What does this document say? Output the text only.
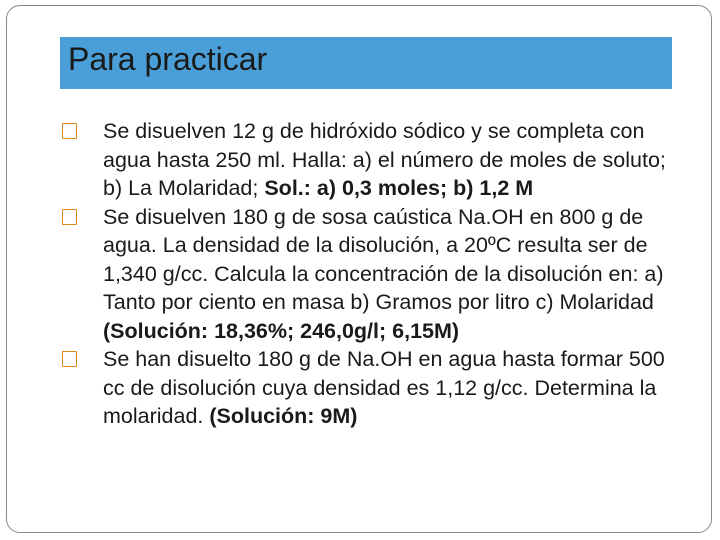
Para practicar
Se disuelven 12 g de hidróxido sódico y se completa con agua hasta 250 ml. Halla: a) el número de moles de soluto; b) La Molaridad; Sol.: a) 0,3 moles; b) 1,2 M
Se disuelven 180 g de sosa caústica Na.OH en 800 g de agua. La densidad de la disolución, a 20ºC resulta ser de 1,340 g/cc. Calcula la concentración de la disolución en: a) Tanto por ciento en masa b) Gramos por litro c) Molaridad (Solución: 18,36%; 246,0g/l; 6,15M)
Se han disuelto 180 g de Na.OH en agua hasta formar 500 cc de disolución cuya densidad es 1,12 g/cc. Determina la molaridad. (Solución: 9M)
